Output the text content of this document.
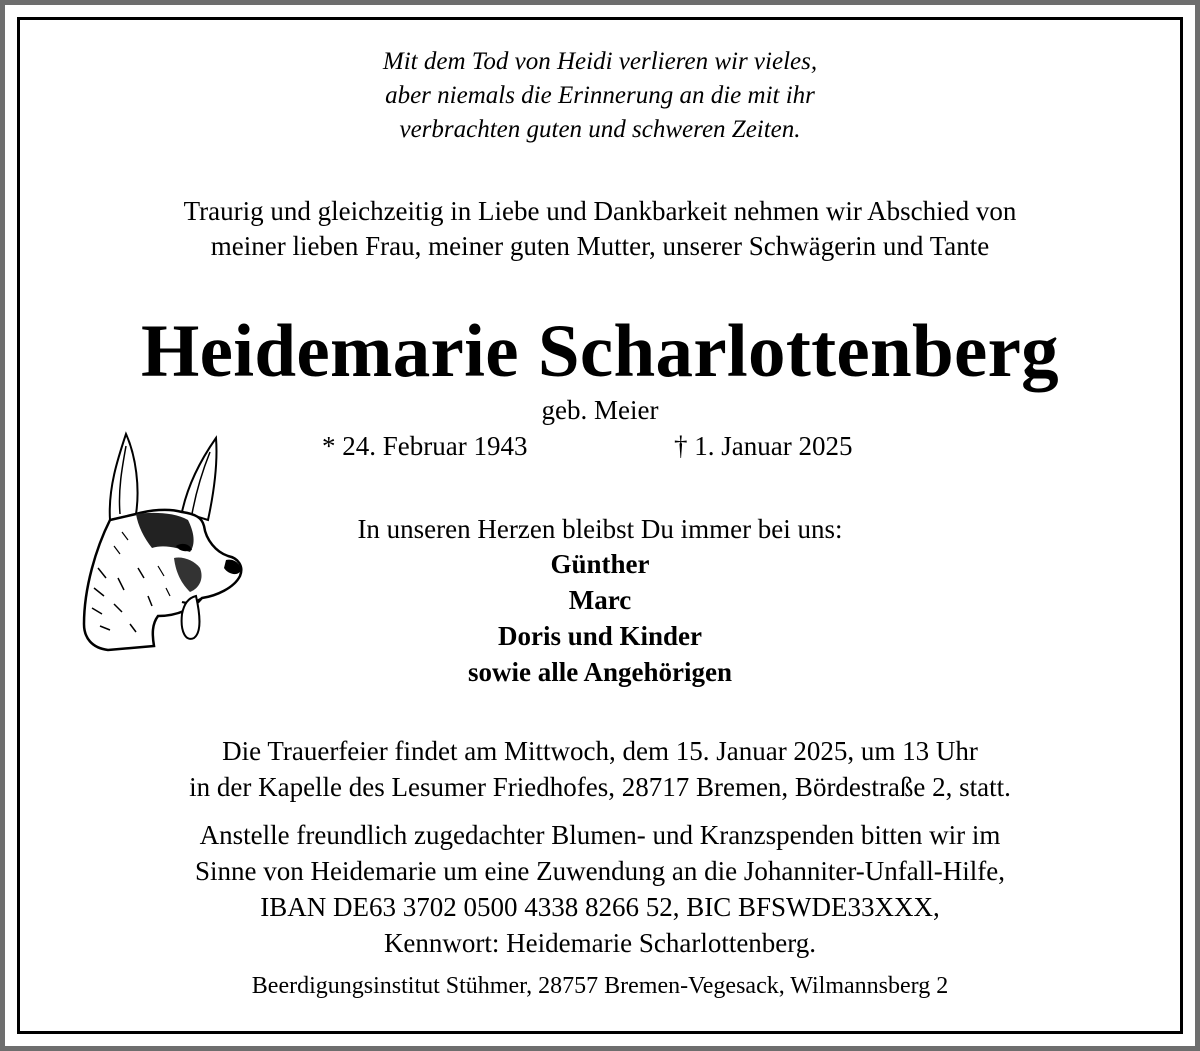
Mit dem Tod von Heidi verlieren wir vieles,
aber niemals die Erinnerung an die mit ihr
verbrachten guten und schweren Zeiten.
Traurig und gleichzeitig in Liebe und Dankbarkeit nehmen wir Abschied von
meiner lieben Frau, meiner guten Mutter, unserer Schwägerin und Tante
Heidemarie Scharlottenberg
geb. Meier
* 24. Februar 1943	† 1. Januar 2025
In unseren Herzen bleibst Du immer bei uns:
Günther
Marc
Doris und Kinder
sowie alle Angehörigen
Die Trauerfeier findet am Mittwoch, dem 15. Januar 2025, um 13 Uhr
in der Kapelle des Lesumer Friedhofes, 28717 Bremen, Bördestraße 2, statt.
Anstelle freundlich zugedachter Blumen- und Kranzspenden bitten wir im
Sinne von Heidemarie um eine Zuwendung an die Johanniter-Unfall-Hilfe,
IBAN DE63 3702 0500 4338 8266 52, BIC BFSWDE33XXX,
Kennwort: Heidemarie Scharlottenberg.
Beerdigungsinstitut Stühmer, 28757 Bremen-Vegesack, Wilmannsberg 2
